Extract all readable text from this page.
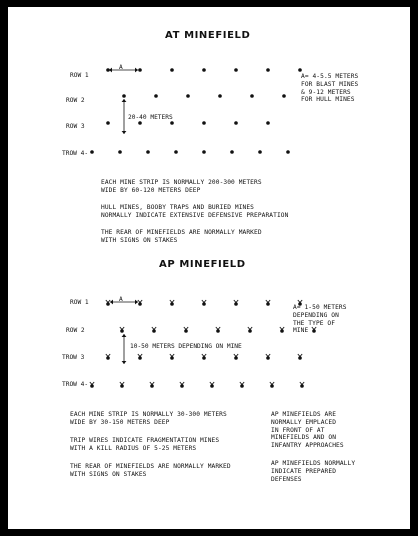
AT MINEFIELD
ROW 1
ROW 2
ROW 3
TROW 4-
A
20-40 METERS
A= 4-5.5 METERS
FOR BLAST MINES
& 9-12 METERS
FOR HULL MINES
EACH MINE STRIP IS NORMALLY 200-300 METERS
WIDE BY 60-120 METERS DEEP
HULL MINES, BOOBY TRAPS AND BURIED MINES
NORMALLY INDICATE EXTENSIVE DEFENSIVE PREPARATION
THE REAR OF MINEFIELDS ARE NORMALLY MARKED
WITH SIGNS ON STAKES
AP MINEFIELD
ROW 1
ROW 2
TROW 3
TROW 4-
A
10-50 METERS DEPENDING ON MINE
A= 1-50 METERS
DEPENDING ON
THE TYPE OF
MINE
EACH MINE STRIP IS NORMALLY 30-300 METERS
WIDE BY 30-150 METERS DEEP
TRIP WIRES INDICATE FRAGMENTATION MINES
WITH A KILL RADIUS OF 5-25 METERS
THE REAR OF MINEFIELDS ARE NORMALLY MARKED
WITH SIGNS ON STAKES
AP MINEFIELDS ARE
NORMALLY EMPLACED
IN FRONT OF AT
MINEFIELDS AND ON
INFANTRY APPROACHES
AP MINEFIELDS NORMALLY
INDICATE PREPARED
DEFENSES
